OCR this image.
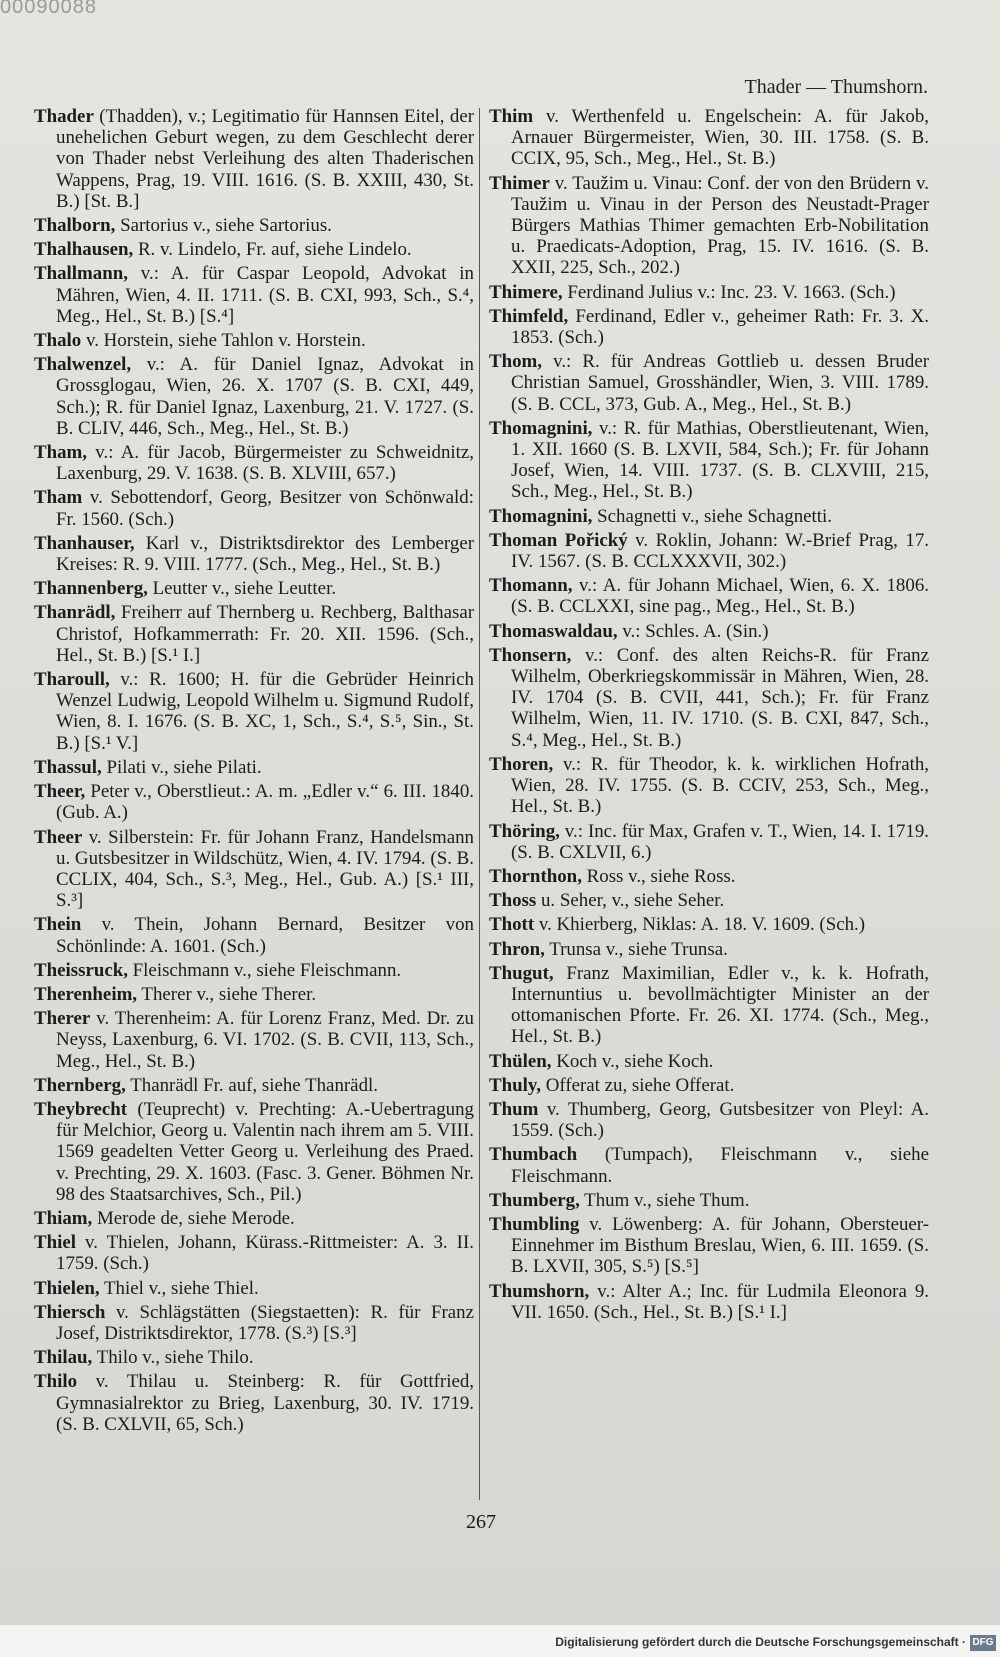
00090088
Thader — Thumshorn.

Thader (Thadden), v.; Legitimatio für Hannsen Eitel, der unehelichen Geburt wegen, zu dem Geschlecht derer von Thader nebst Verleihung des alten Thaderischen Wappens, Prag, 19. VIII. 1616. (S. B. XXIII, 430, St. B.) [St. B.]

Thalborn, Sartorius v., siehe Sartorius.

Thalhausen, R. v. Lindelo, Fr. auf, siehe Lindelo.

Thallmann, v.: A. für Caspar Leopold, Advokat in Mähren, Wien, 4. II. 1711. (S. B. CXI, 993, Sch., S.⁴, Meg., Hel., St. B.) [S.⁴]

Thalo v. Horstein, siehe Tahlon v. Horstein.

Thalwenzel, v.: A. für Daniel Ignaz, Advokat in Grossglogau, Wien, 26. X. 1707 (S. B. CXI, 449, Sch.); R. für Daniel Ignaz, Laxenburg, 21. V. 1727. (S. B. CLIV, 446, Sch., Meg., Hel., St. B.)

Tham, v.: A. für Jacob, Bürgermeister zu Schweidnitz, Laxenburg, 29. V. 1638. (S. B. XLVIII, 657.)

Tham v. Sebottendorf, Georg, Besitzer von Schönwald: Fr. 1560. (Sch.)

Thanhauser, Karl v., Distriktsdirektor des Lemberger Kreises: R. 9. VIII. 1777. (Sch., Meg., Hel., St. B.)

Thannenberg, Leutter v., siehe Leutter.

Thanrädl, Freiherr auf Thernberg u. Rechberg, Balthasar Christof, Hofkammerrath: Fr. 20. XII. 1596. (Sch., Hel., St. B.) [S.¹ I.]

Tharoull, v.: R. 1600; H. für die Gebrüder Heinrich Wenzel Ludwig, Leopold Wilhelm u. Sigmund Rudolf, Wien, 8. I. 1676. (S. B. XC, 1, Sch., S.⁴, S.⁵, Sin., St. B.) [S.¹ V.]

Thassul, Pilati v., siehe Pilati.

Theer, Peter v., Oberstlieut.: A. m. „Edler v.“ 6. III. 1840. (Gub. A.)

Theer v. Silberstein: Fr. für Johann Franz, Handelsmann u. Gutsbesitzer in Wildschütz, Wien, 4. IV. 1794. (S. B. CCLIX, 404, Sch., S.³, Meg., Hel., Gub. A.) [S.¹ III, S.³]

Thein v. Thein, Johann Bernard, Besitzer von Schönlinde: A. 1601. (Sch.)

Theissruck, Fleischmann v., siehe Fleischmann.

Therenheim, Therer v., siehe Therer.

Therer v. Therenheim: A. für Lorenz Franz, Med. Dr. zu Neyss, Laxenburg, 6. VI. 1702. (S. B. CVII, 113, Sch., Meg., Hel., St. B.)

Thernberg, Thanrädl Fr. auf, siehe Thanrädl.

Theybrecht (Teuprecht) v. Prechting: A.-Uebertragung für Melchior, Georg u. Valentin nach ihrem am 5. VIII. 1569 geadelten Vetter Georg u. Verleihung des Praed. v. Prechting, 29. X. 1603. (Fasc. 3. Gener. Böhmen Nr. 98 des Staatsarchives, Sch., Pil.)

Thiam, Merode de, siehe Merode.

Thiel v. Thielen, Johann, Kürass.-Rittmeister: A. 3. II. 1759. (Sch.)

Thielen, Thiel v., siehe Thiel.

Thiersch v. Schlägstätten (Siegstaetten): R. für Franz Josef, Distriktsdirektor, 1778. (S.³) [S.³]

Thilau, Thilo v., siehe Thilo.

Thilo v. Thilau u. Steinberg: R. für Gottfried, Gymnasialrektor zu Brieg, Laxenburg, 30. IV. 1719. (S. B. CXLVII, 65, Sch.)

Thim v. Werthenfeld u. Engelschein: A. für Jakob, Arnauer Bürgermeister, Wien, 30. III. 1758. (S. B. CCIX, 95, Sch., Meg., Hel., St. B.)

Thimer v. Taužim u. Vinau: Conf. der von den Brüdern v. Taužim u. Vinau in der Person des Neustadt-Prager Bürgers Mathias Thimer gemachten Erb-Nobilitation u. Praedicats-Adoption, Prag, 15. IV. 1616. (S. B. XXII, 225, Sch., 202.)

Thimere, Ferdinand Julius v.: Inc. 23. V. 1663. (Sch.)

Thimfeld, Ferdinand, Edler v., geheimer Rath: Fr. 3. X. 1853. (Sch.)

Thom, v.: R. für Andreas Gottlieb u. dessen Bruder Christian Samuel, Grosshändler, Wien, 3. VIII. 1789. (S. B. CCL, 373, Gub. A., Meg., Hel., St. B.)

Thomagnini, v.: R. für Mathias, Oberstlieutenant, Wien, 1. XII. 1660 (S. B. LXVII, 584, Sch.); Fr. für Johann Josef, Wien, 14. VIII. 1737. (S. B. CLXVIII, 215, Sch., Meg., Hel., St. B.)

Thomagnini, Schagnetti v., siehe Schagnetti.

Thoman Pořický v. Roklin, Johann: W.-Brief Prag, 17. IV. 1567. (S. B. CCLXXXVII, 302.)

Thomann, v.: A. für Johann Michael, Wien, 6. X. 1806. (S. B. CCLXXI, sine pag., Meg., Hel., St. B.)

Thomaswaldau, v.: Schles. A. (Sin.)

Thonsern, v.: Conf. des alten Reichs-R. für Franz Wilhelm, Oberkriegskommissär in Mähren, Wien, 28. IV. 1704 (S. B. CVII, 441, Sch.); Fr. für Franz Wilhelm, Wien, 11. IV. 1710. (S. B. CXI, 847, Sch., S.⁴, Meg., Hel., St. B.)

Thoren, v.: R. für Theodor, k. k. wirklichen Hofrath, Wien, 28. IV. 1755. (S. B. CCIV, 253, Sch., Meg., Hel., St. B.)

Thöring, v.: Inc. für Max, Grafen v. T., Wien, 14. I. 1719. (S. B. CXLVII, 6.)

Thornthon, Ross v., siehe Ross.

Thoss u. Seher, v., siehe Seher.

Thott v. Khierberg, Niklas: A. 18. V. 1609. (Sch.)

Thron, Trunsa v., siehe Trunsa.

Thugut, Franz Maximilian, Edler v., k. k. Hofrath, Internuntius u. bevollmächtigter Minister an der ottomanischen Pforte. Fr. 26. XI. 1774. (Sch., Meg., Hel., St. B.)

Thülen, Koch v., siehe Koch.

Thuly, Offerat zu, siehe Offerat.

Thum v. Thumberg, Georg, Gutsbesitzer von Pleyl: A. 1559. (Sch.)

Thumbach (Tumpach), Fleischmann v., siehe Fleischmann.

Thumberg, Thum v., siehe Thum.

Thumbling v. Löwenberg: A. für Johann, Obersteuer-Einnehmer im Bisthum Breslau, Wien, 6. III. 1659. (S. B. LXVII, 305, S.⁵) [S.⁵]

Thumshorn, v.: Alter A.; Inc. für Ludmila Eleonora 9. VII. 1650. (Sch., Hel., St. B.) [S.¹ I.]

267
Digitalisierung gefördert durch die Deutsche Forschungsgemeinschaft · DFG
